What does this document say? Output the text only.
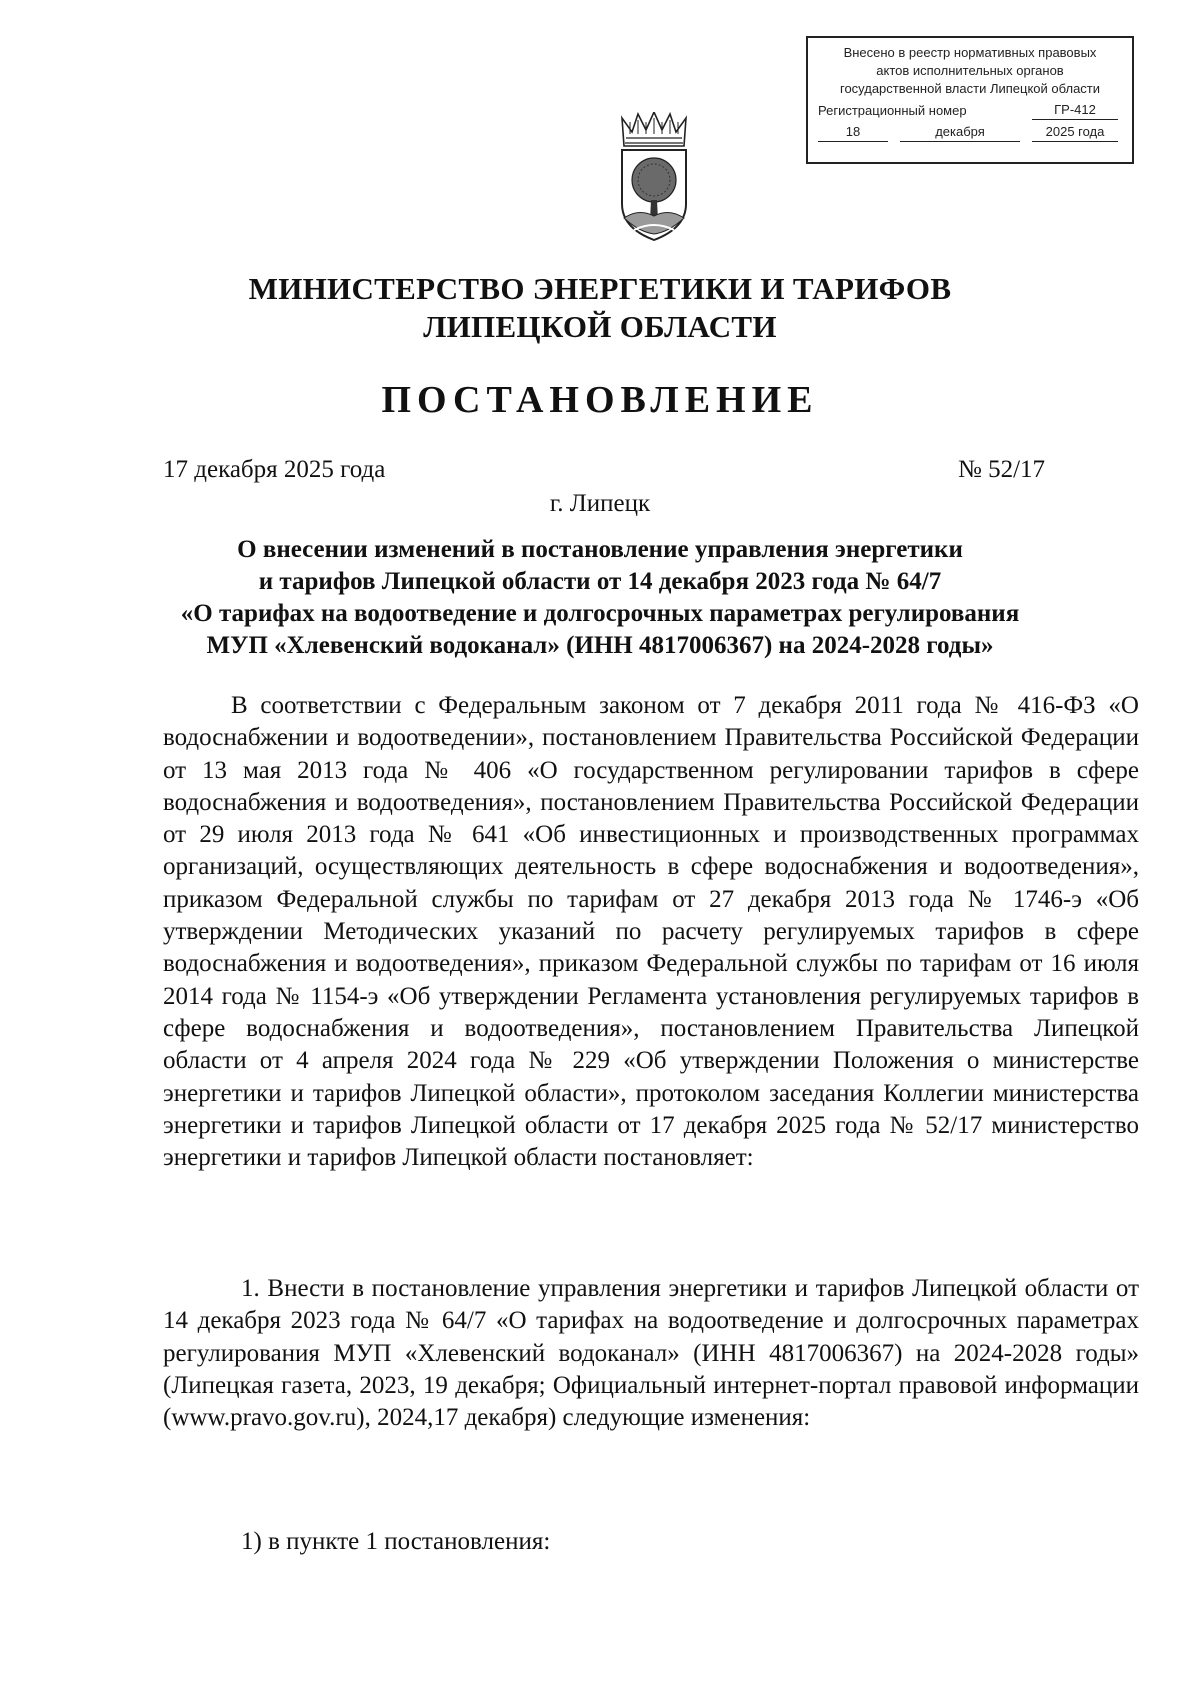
Внесено в реестр нормативных правовых
актов исполнительных органов
государственной власти Липецкой области
Регистрационный номер	ГР-412
18	декабря	2025 года
МИНИСТЕРСТВО ЭНЕРГЕТИКИ И ТАРИФОВ
ЛИПЕЦКОЙ ОБЛАСТИ
ПОСТАНОВЛЕНИЕ
17 декабря 2025 года	№ 52/17
г. Липецк
О внесении изменений в постановление управления энергетики
и тарифов Липецкой области от 14 декабря 2023 года № 64/7
«О тарифах на водоотведение и долгосрочных параметрах регулирования
МУП «Хлевенский водоканал» (ИНН 4817006367) на 2024-2028 годы»

В соответствии с Федеральным законом от 7 декабря 2011 года № 416-ФЗ «О водоснабжении и водоотведении», постановлением Правительства Российской Федерации от 13 мая 2013 года № 406 «О государственном регулировании тарифов в сфере водоснабжения и водоотведения», постановлением Правительства Российской Федерации от 29 июля 2013 года № 641 «Об инвестиционных и производственных программах организаций, осуществляющих деятельность в сфере водоснабжения и водоотведения», приказом Федеральной службы по тарифам от 27 декабря 2013 года № 1746-э «Об утверждении Методических указаний по расчету регулируемых тарифов в сфере водоснабжения и водоотведения», приказом Федеральной службы по тарифам от 16 июля 2014 года № 1154-э «Об утверждении Регламента установления регулируемых тарифов в сфере водоснабжения и водоотведения», постановлением Правительства Липецкой области от 4 апреля 2024 года № 229 «Об утверждении Положения о министерстве энергетики и тарифов Липецкой области», протоколом заседания Коллегии министерства энергетики и тарифов Липецкой области от 17 декабря 2025 года № 52/17 министерство энергетики и тарифов Липецкой области постановляет:

1. Внести в постановление управления энергетики и тарифов Липецкой области от 14 декабря 2023 года № 64/7 «О тарифах на водоотведение и долгосрочных параметрах регулирования МУП «Хлевенский водоканал» (ИНН 4817006367) на 2024-2028 годы» (Липецкая газета, 2023, 19 декабря; Официальный интернет-портал правовой информации (www.pravo.gov.ru), 2024,17 декабря) следующие изменения:

1) в пункте 1 постановления:
